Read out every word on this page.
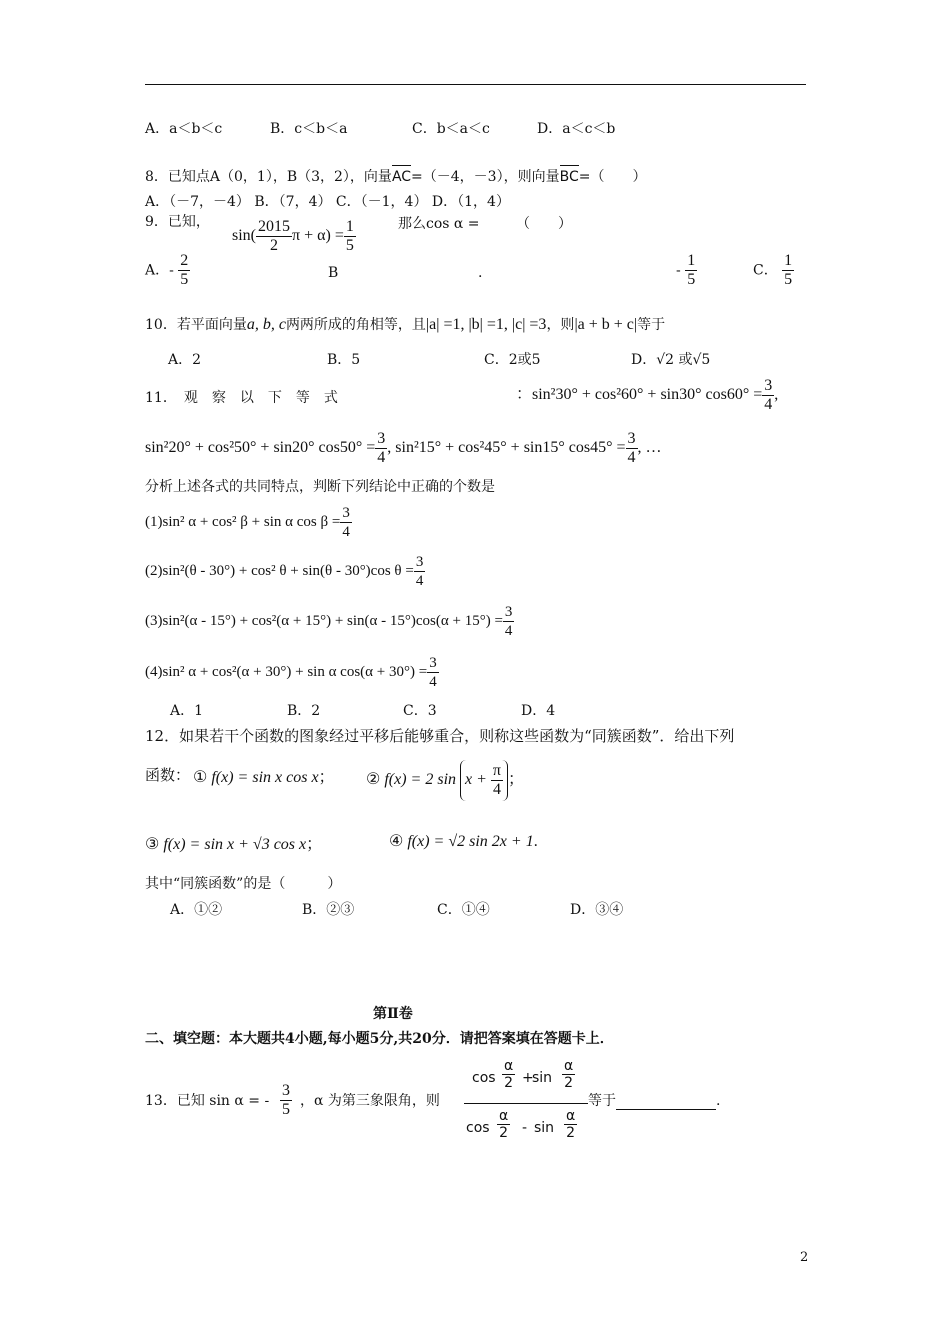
A．a＜b＜c	B．c＜b＜a	C．b＜a＜c	D．a＜c＜b
8．已知点A（0，1），B（3，2），向量AC=（－4，－3），则向量BC=（　　）
A．（－7，－4） B．（7，4） C．（－1，4） D．（1，4）
9．已知，
$\sin( \frac{2015}{2}$ $\pi + \alpha) = \frac{1}{5}$	那么cos α =	（　　）
A．- $\frac{2}{5}$	B	.	- $\frac{1}{5}$	C． $\frac{1}{5}$
10．若平面向量a, b, c两两所成的角相等，且|a| =1, |b| =1, |c| =3，则|a + b + c|等于
A．2	B．5	C．2或5	D．√2 或√5
11．　观　察　以　下　等　式	：sin²30° + cos²60° + sin30° $\cos 60^\circ = \frac{3}{4}$ ,
sin²20° + cos²50° + sin20° $\cos 50^\circ = \frac{3}{4}$ , sin²15° + cos²45° + sin15° $\cos 45^\circ = \frac{3}{4}$ , …
分析上述各式的共同特点，判断下列结论中正确的个数是
(1)sin² α + cos² β + sin α $\cos \beta = \frac{3}{4}$
(2)sin²(θ - 30°) + cos² θ + sin(θ - 30°)cos $\theta = \frac{3}{4}$
$(3)\sin^2(\alpha - 15^\circ) + \cos^2(\alpha + 15^\circ) + \sin(\alpha - 15^\circ)\cos(\alpha + 15^\circ) = \frac{3}{4}$
(4)sin² α + cos²(α + 30°) + sin α $\cos(\alpha + 30^\circ) = \frac{3}{4}$
A．1	B．2	C．3	D．4
12．如果若干个函数的图象经过平移后能够重合，则称这些函数为“同簇函数”．给出下列
函数： ① f(x) = sin x cos x； ② f(x) = 2 $\sin x + \frac{\pi}{4}$ ；
③ f(x) = sin x + √3 cos x；	④ f(x) = √2 sin 2x + 1.
其中“同簇函数”的是（　　　）
A．①②	B．②③	C．①④	D．③④
第Ⅱ卷
二、填空题：本大题共4小题,每小题5分,共20分．请把答案填在答题卡上．
13．已知 sin α = - $\frac{3}{5}$ ，α 为第三象限角，则
$\cos \frac{\alpha}{2}$ +
$\sin \frac{\alpha}{2}$
$\cos \frac{\alpha}{2}$ - $\sin \frac{\alpha}{2}$
等于	.
2
